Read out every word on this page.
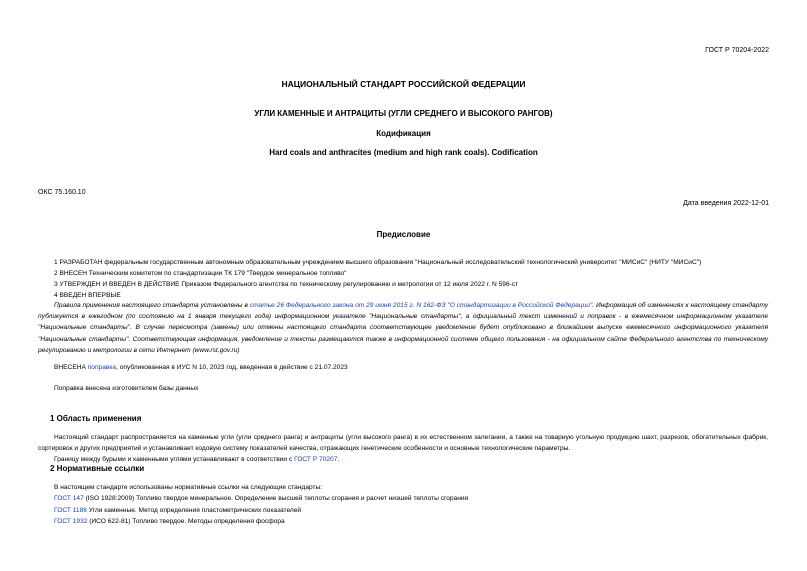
ГОСТ Р 70204-2022
НАЦИОНАЛЬНЫЙ СТАНДАРТ РОССИЙСКОЙ ФЕДЕРАЦИИ
УГЛИ КАМЕННЫЕ И АНТРАЦИТЫ (УГЛИ СРЕДНЕГО И ВЫСОКОГО РАНГОВ)
Кодификация
Hard coals and anthracites (medium and high rank coals). Codification
ОКС 75.160.10
Дата введения 2022-12-01
Предисловие
1 РАЗРАБОТАН федеральным государственным автономным образовательным учреждением высшего образования "Национальный исследовательский технологический университет "МИСиС" (НИТУ "МИСиС")
2 ВНЕСЕН Техническим комитетом по стандартизации ТК 179 "Твердое минеральное топливо"
3 УТВЕРЖДЕН И ВВЕДЕН В ДЕЙСТВИЕ Приказом Федерального агентства по техническому регулированию и метрологии от 12 июля 2022 г. N 596-ст
4 ВВЕДЕН ВПЕРВЫЕ
Правила применения настоящего стандарта установлены в статье 26 Федерального закона от 29 июня 2015 г. N 162-ФЗ "О стандартизации в Российской Федерации". Информация об изменениях к настоящему стандарту публикуется в ежегодном (по состоянию на 1 января текущего года) информационном указателе "Национальные стандарты", а официальный текст изменений и поправок - в ежемесячном информационном указателе "Национальные стандарты". В случае пересмотра (замены) или отмены настоящего стандарта соответствующее уведомление будет опубликовано в ближайшем выпуске ежемесячного информационного указателя "Национальные стандарты". Соответствующая информация, уведомление и тексты размещаются также в информационной системе общего пользования - на официальном сайте Федерального агентства по техническому регулированию и метрологии в сети Интернет (www.rst.gov.ru)
ВНЕСЕНА поправка, опубликованная в ИУС N 10, 2023 год, введенная в действие с 21.07.2023
Поправка внесена изготовителем базы данных
1 Область применения
Настоящий стандарт распространяется на каменные угли (угли среднего ранга) и антрациты (угли высокого ранга) в их естественном залегании, а также на товарную угольную продукцию шахт, разрезов, обогатительных фабрик, сортировок и других предприятий и устанавливает кодовую систему показателей качества, отражающих генетические особенности и основные технологические параметры.
Границу между бурыми и каменными углями устанавливают в соответствии с ГОСТ Р 70207.
2 Нормативные ссылки
В настоящем стандарте использованы нормативные ссылки на следующие стандарты:
ГОСТ 147 (ISO 1928:2009) Топливо твердое минеральное. Определение высшей теплоты сгорания и расчет низшей теплоты сгорания
ГОСТ 1186 Угли каменные. Метод определения пластометрических показателей
ГОСТ 1932 (ИСО 622-81) Топливо твердое. Методы определения фосфора
